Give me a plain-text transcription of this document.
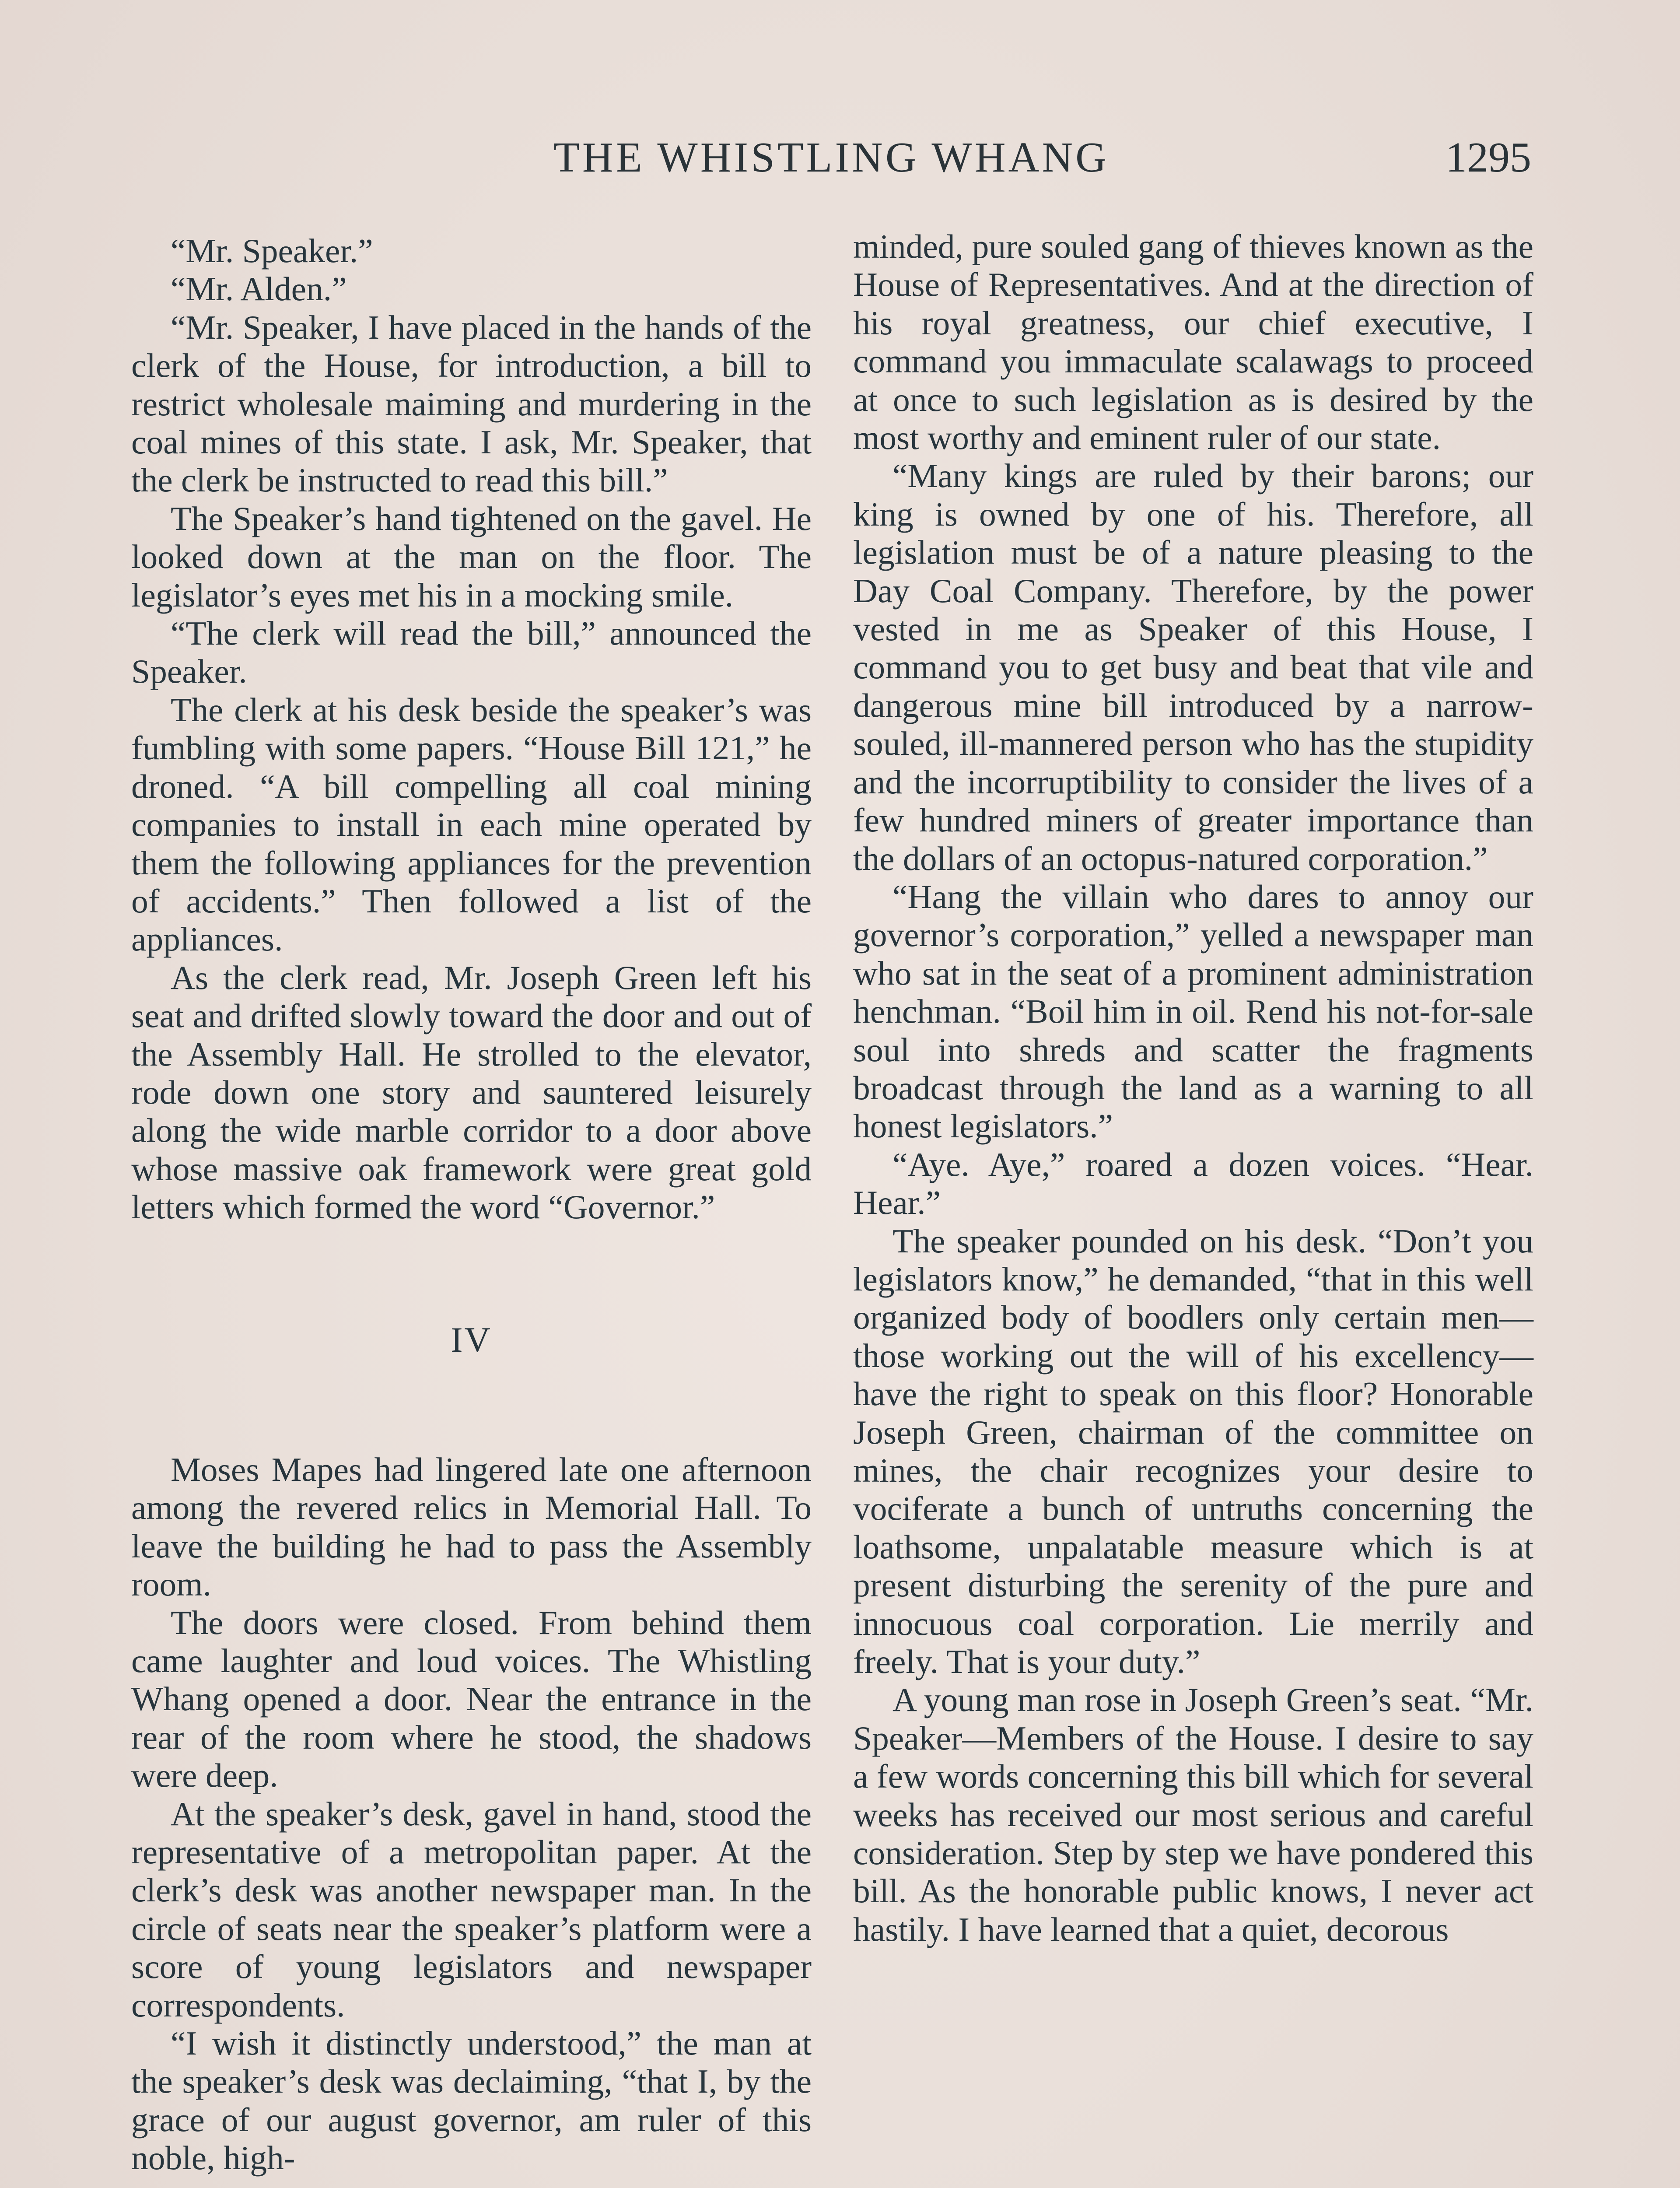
THE WHISTLING WHANG	1295

“Mr. Speaker.”

“Mr. Alden.”

“Mr. Speaker, I have placed in the hands of the clerk of the House, for introduction, a bill to restrict wholesale maiming and murdering in the coal mines of this state. I ask, Mr. Speaker, that the clerk be instructed to read this bill.”

The Speaker’s hand tightened on the gavel. He looked down at the man on the floor. The legislator’s eyes met his in a mocking smile.

“The clerk will read the bill,” announced the Speaker.

The clerk at his desk beside the speaker’s was fumbling with some papers. “House Bill 121,” he droned. “A bill compelling all coal mining companies to install in each mine operated by them the following appliances for the prevention of accidents.” Then followed a list of the appliances.

As the clerk read, Mr. Joseph Green left his seat and drifted slowly toward the door and out of the Assembly Hall. He strolled to the elevator, rode down one story and sauntered leisurely along the wide marble corridor to a door above whose massive oak framework were great gold letters which formed the word “Governor.”

IV

Moses Mapes had lingered late one afternoon among the revered relics in Memorial Hall. To leave the building he had to pass the Assembly room.

The doors were closed. From behind them came laughter and loud voices. The Whistling Whang opened a door. Near the entrance in the rear of the room where he stood, the shadows were deep.

At the speaker’s desk, gavel in hand, stood the representative of a metropolitan paper. At the clerk’s desk was another newspaper man. In the circle of seats near the speaker’s platform were a score of young legislators and newspaper correspondents.

“I wish it distinctly understood,” the man at the speaker’s desk was declaiming, “that I, by the grace of our august governor, am ruler of this noble, high-

minded, pure souled gang of thieves known as the House of Representatives. And at the direction of his royal greatness, our chief executive, I command you immaculate scalawags to proceed at once to such legislation as is desired by the most worthy and eminent ruler of our state.

“Many kings are ruled by their barons; our king is owned by one of his. Therefore, all legislation must be of a nature pleasing to the Day Coal Company. Therefore, by the power vested in me as Speaker of this House, I command you to get busy and beat that vile and dangerous mine bill introduced by a narrow-souled, ill-mannered person who has the stupidity and the incorruptibility to consider the lives of a few hundred miners of greater importance than the dollars of an octopus-natured corporation.”

“Hang the villain who dares to annoy our governor’s corporation,” yelled a newspaper man who sat in the seat of a prominent administration henchman. “Boil him in oil. Rend his not-for-sale soul into shreds and scatter the fragments broadcast through the land as a warning to all honest legislators.”

“Aye. Aye,” roared a dozen voices. “Hear. Hear.”

The speaker pounded on his desk. “Don’t you legislators know,” he demanded, “that in this well organized body of boodlers only certain men—those working out the will of his excellency—have the right to speak on this floor? Honorable Joseph Green, chairman of the committee on mines, the chair recognizes your desire to vociferate a bunch of untruths concerning the loathsome, unpalatable measure which is at present disturbing the serenity of the pure and innocuous coal corporation. Lie merrily and freely. That is your duty.”

A young man rose in Joseph Green’s seat. “Mr. Speaker—Members of the House. I desire to say a few words concerning this bill which for several weeks has received our most serious and careful consideration. Step by step we have pondered this bill. As the honorable public knows, I never act hastily. I have learned that a quiet, decorous
